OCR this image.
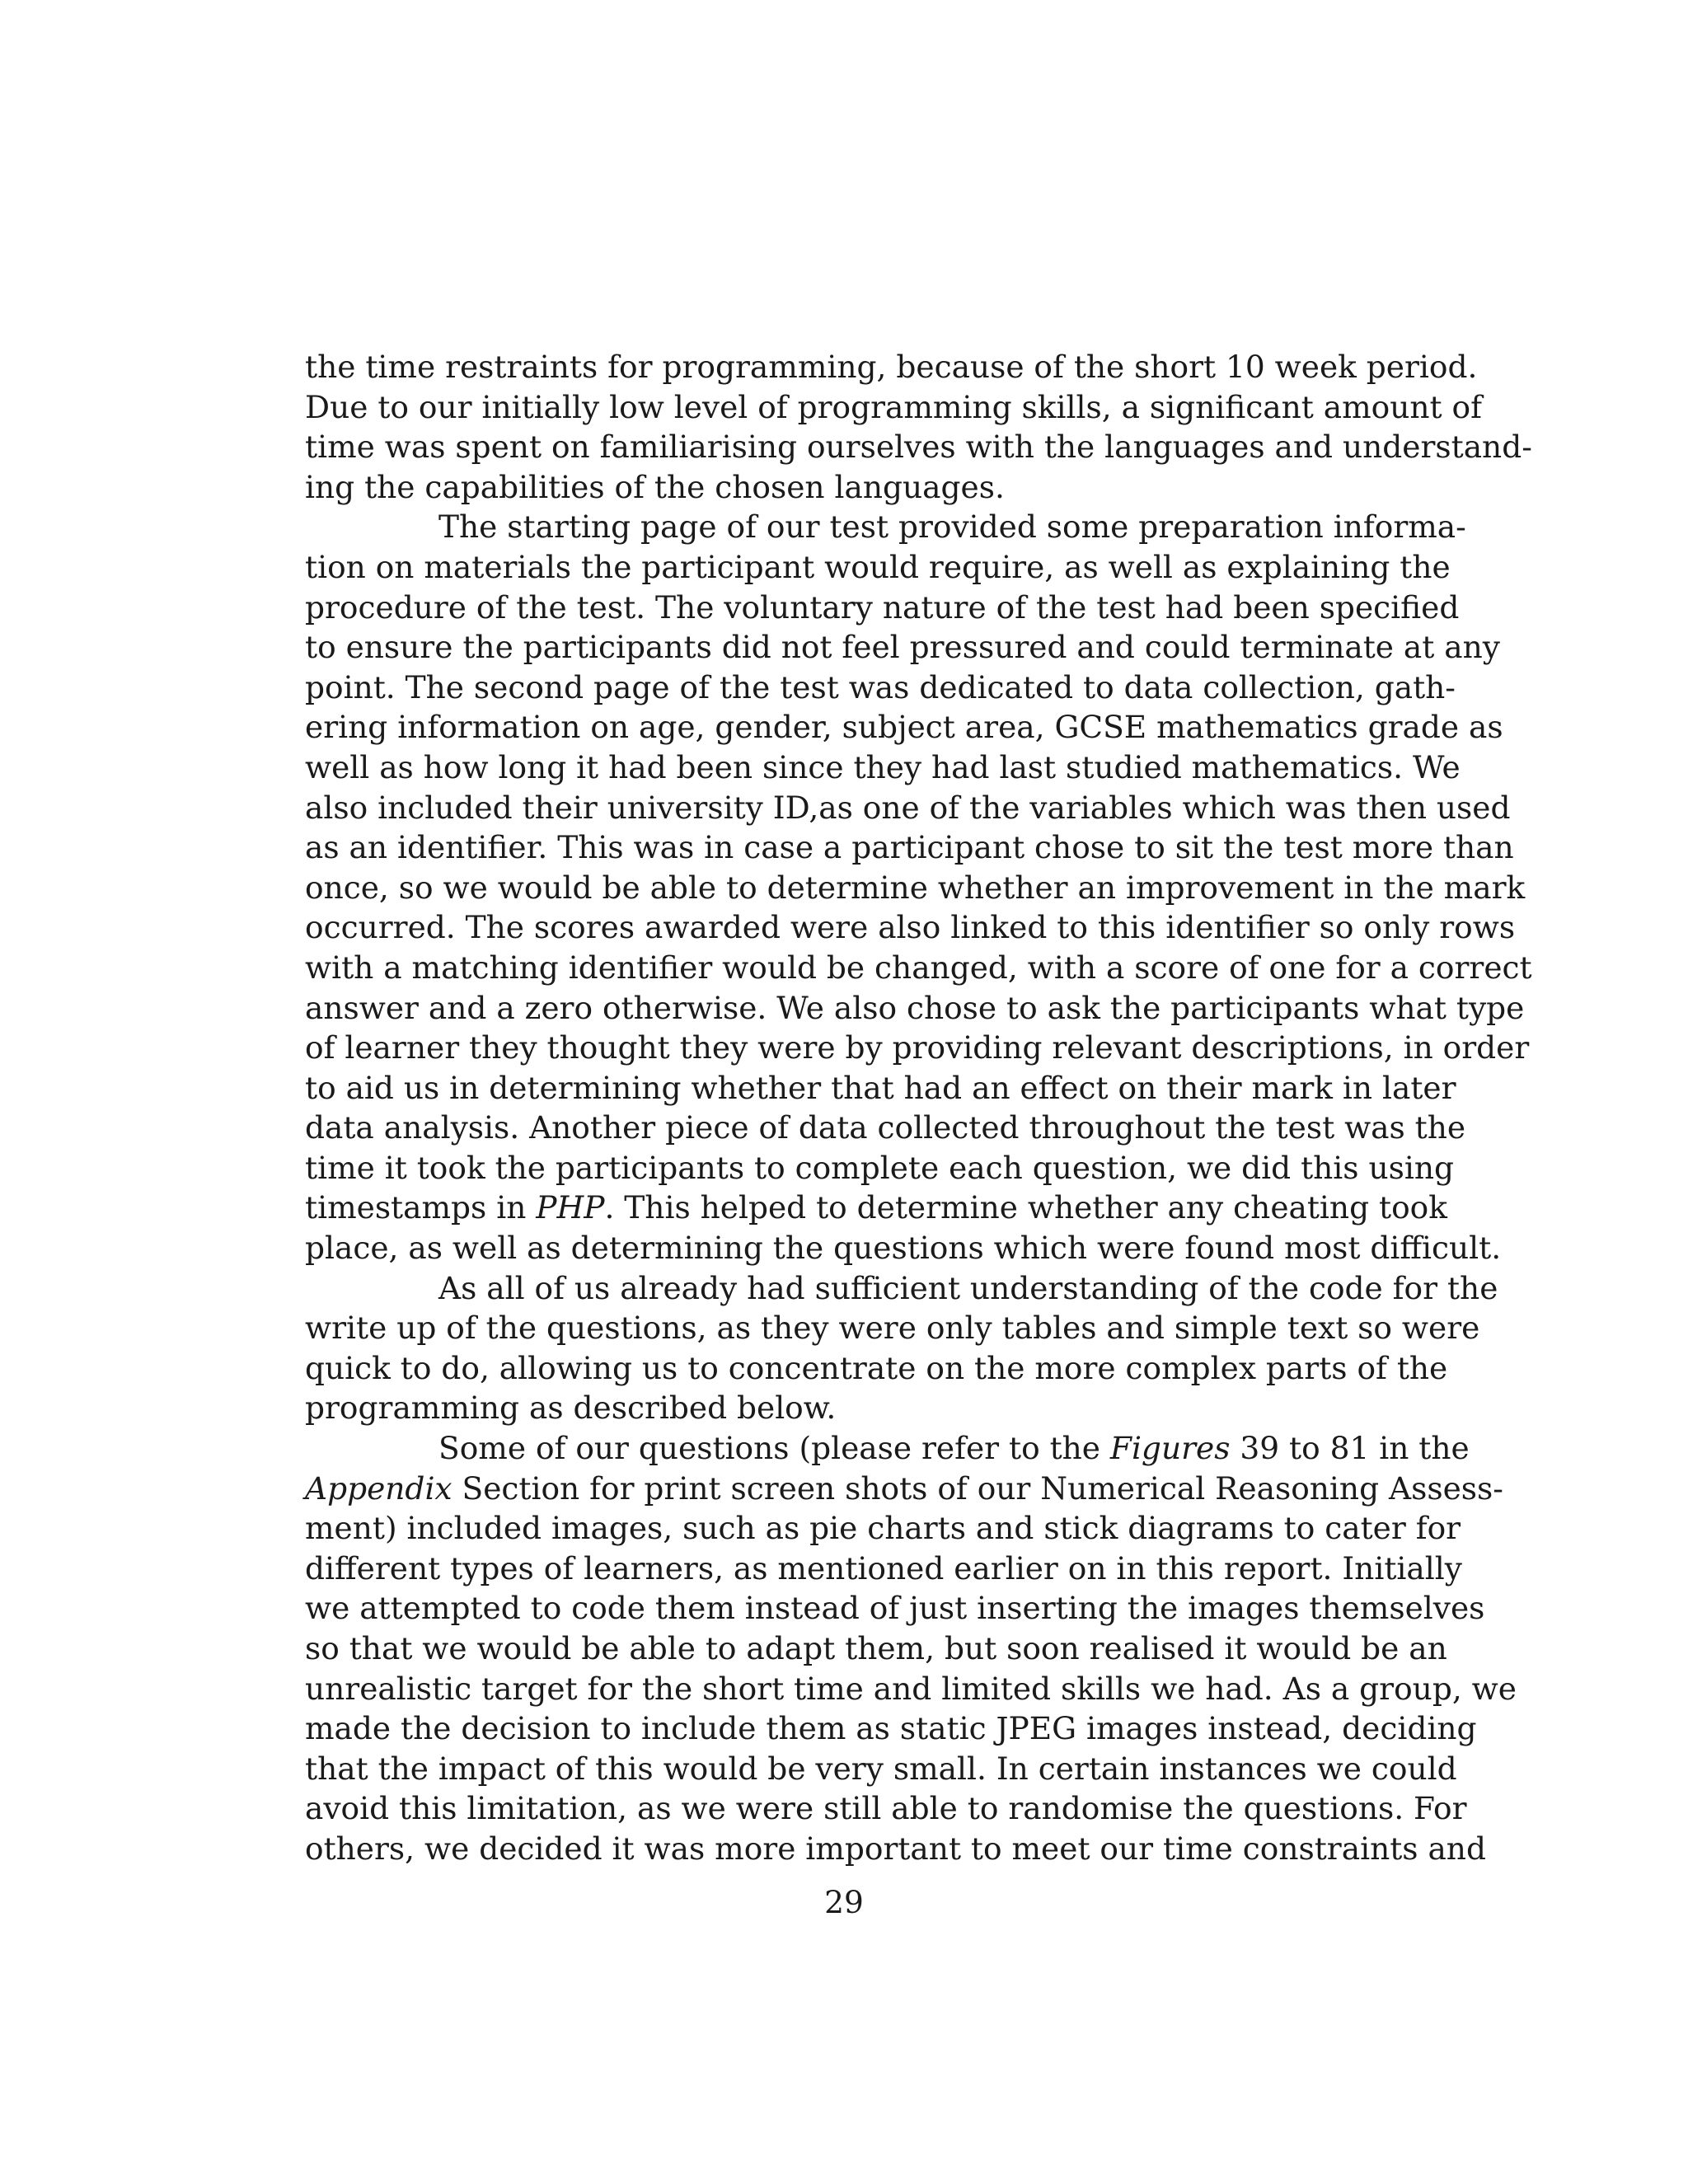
the time restraints for programming, because of the short 10 week period.
Due to our initially low level of programming skills, a significant amount of
time was spent on familiarising ourselves with the languages and understand-
ing the capabilities of the chosen languages.
The starting page of our test provided some preparation informa-
tion on materials the participant would require, as well as explaining the
procedure of the test. The voluntary nature of the test had been specified
to ensure the participants did not feel pressured and could terminate at any
point. The second page of the test was dedicated to data collection, gath-
ering information on age, gender, subject area, GCSE mathematics grade as
well as how long it had been since they had last studied mathematics. We
also included their university ID,as one of the variables which was then used
as an identifier. This was in case a participant chose to sit the test more than
once, so we would be able to determine whether an improvement in the mark
occurred. The scores awarded were also linked to this identifier so only rows
with a matching identifier would be changed, with a score of one for a correct
answer and a zero otherwise. We also chose to ask the participants what type
of learner they thought they were by providing relevant descriptions, in order
to aid us in determining whether that had an effect on their mark in later
data analysis. Another piece of data collected throughout the test was the
time it took the participants to complete each question, we did this using
timestamps in PHP. This helped to determine whether any cheating took
place, as well as determining the questions which were found most difficult.
As all of us already had sufficient understanding of the code for the
write up of the questions, as they were only tables and simple text so were
quick to do, allowing us to concentrate on the more complex parts of the
programming as described below.
Some of our questions (please refer to the Figures 39 to 81 in the
Appendix Section for print screen shots of our Numerical Reasoning Assess-
ment) included images, such as pie charts and stick diagrams to cater for
different types of learners, as mentioned earlier on in this report. Initially
we attempted to code them instead of just inserting the images themselves
so that we would be able to adapt them, but soon realised it would be an
unrealistic target for the short time and limited skills we had. As a group, we
made the decision to include them as static JPEG images instead, deciding
that the impact of this would be very small. In certain instances we could
avoid this limitation, as we were still able to randomise the questions. For
others, we decided it was more important to meet our time constraints and
29
